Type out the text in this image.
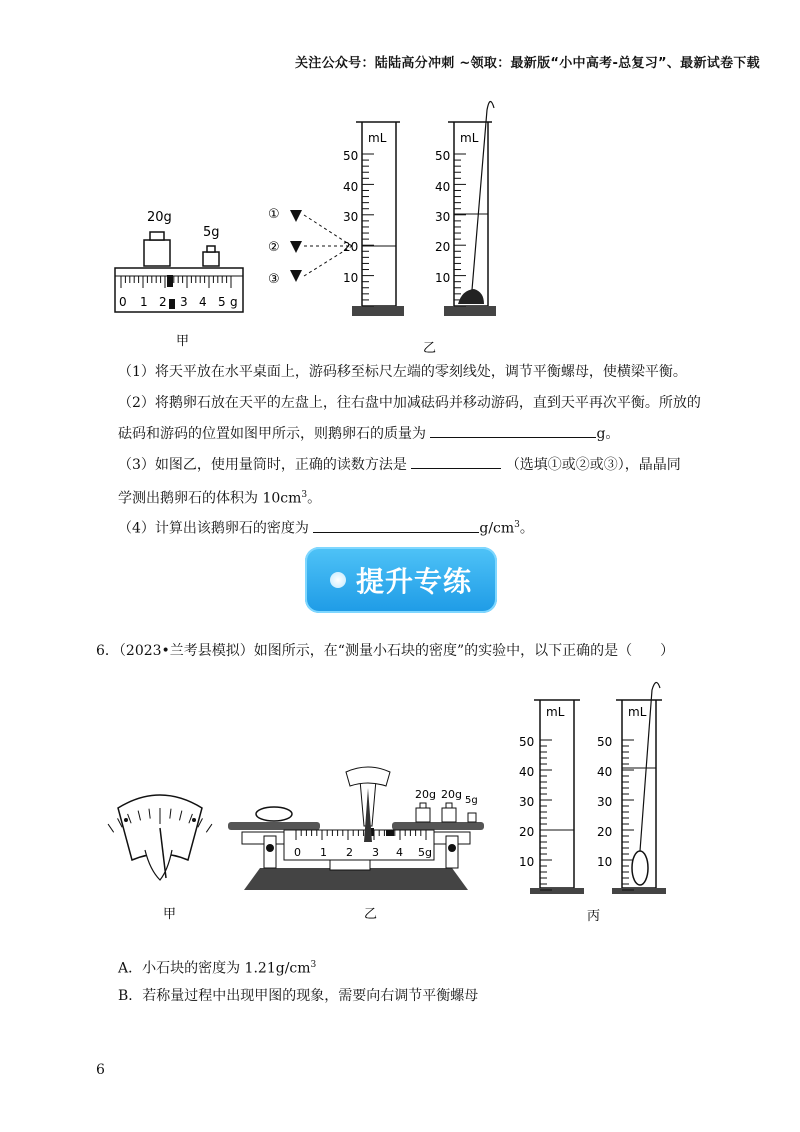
关注公众号：陆陆高分冲刺 ~领取：最新版“小中高考-总复习”、最新试卷下载
20g
5g
0 1 2 3 4 5 g
甲
①
②
③
mL
50
40
30
20
10
mL
50
40
30
20
10
乙
（1）将天平放在水平桌面上，游码移至标尺左端的零刻线处，调节平衡螺母，使横梁平衡。
（2）将鹅卵石放在天平的左盘上，往右盘中加减砝码并移动游码，直到天平再次平衡。所放的
砝码和游码的位置如图甲所示，则鹅卵石的质量为	g。
（3）如图乙，使用量筒时，正确的读数方法是	（选填①或②或③），晶晶同
学测出鹅卵石的体积为 $10cm^3$。
（4）计算出该鹅卵石的密度为	$g/cm^3$。
提升专练
6．（2023•兰考县模拟）如图所示，在“测量小石块的密度”的实验中，以下正确的是（　　）
甲
20g 20g 5g
0 1 2 3 4 5g
乙
mL
50
40
30
20
10
mL
50
40
30
20
10
丙
A．小石块的密度为 $1.21g/cm^3$
B．若称量过程中出现甲图的现象，需要向右调节平衡螺母
6
